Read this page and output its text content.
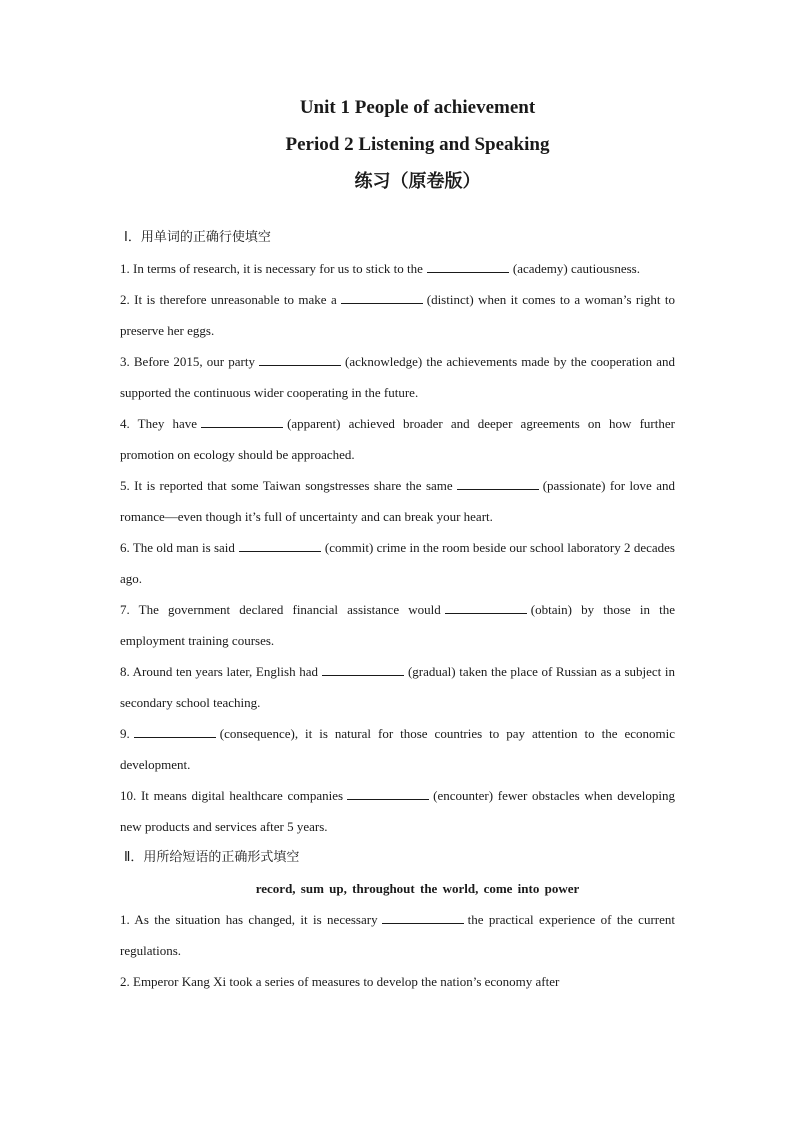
Unit 1 People of achievement

Period 2 Listening and Speaking

练习（原卷版）

Ⅰ．用单词的正确行使填空

1. In terms of research, it is necessary for us to stick to the	(academy) cautiousness.

2. It is therefore unreasonable to make a	(distinct) when it comes to a woman’s right to preserve her eggs.

3. Before 2015, our party	(acknowledge) the achievements made by the cooperation and supported the continuous wider cooperating in the future.

4. They have	(apparent) achieved broader and deeper agreements on how further promotion on ecology should be approached.

5. It is reported that some Taiwan songstresses share the same	(passionate) for love and romance—even though it’s full of uncertainty and can break your heart.

6. The old man is said	(commit) crime in the room beside our school laboratory 2 decades ago.

7. The government declared financial assistance would	(obtain) by those in the employment training courses.

8. Around ten years later, English had	(gradual) taken the place of Russian as a subject in secondary school teaching.

9.	(consequence), it is natural for those countries to pay attention to the economic development.

10. It means digital healthcare companies	(encounter) fewer obstacles when developing new products and services after 5 years.

Ⅱ．用所给短语的正确形式填空

record, sum up, throughout the world, come into power

1. As the situation has changed, it is necessary	the practical experience of the current regulations.

2. Emperor Kang Xi took a series of measures to develop the nation’s economy after
